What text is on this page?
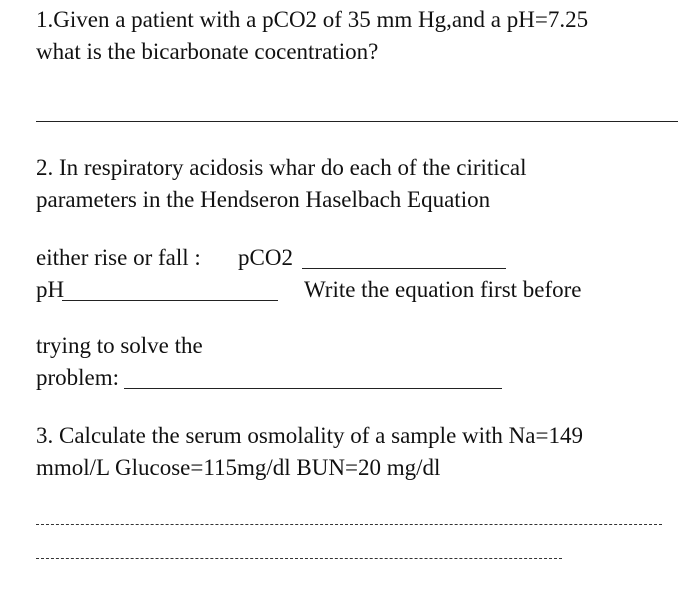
1.Given a patient with a pCO2 of 35 mm Hg,and a pH=7.25
what is the bicarbonate cocentration?
2. In respiratory acidosis whar do each of the ciritical
parameters in the Hendseron Haselbach Equation
either rise or fall : pCO2
pH	Write the equation first before
trying to solve the
problem:
3. Calculate the serum osmolality of a sample with Na=149
mmol/L Glucose=115mg/dl BUN=20 mg/dl
